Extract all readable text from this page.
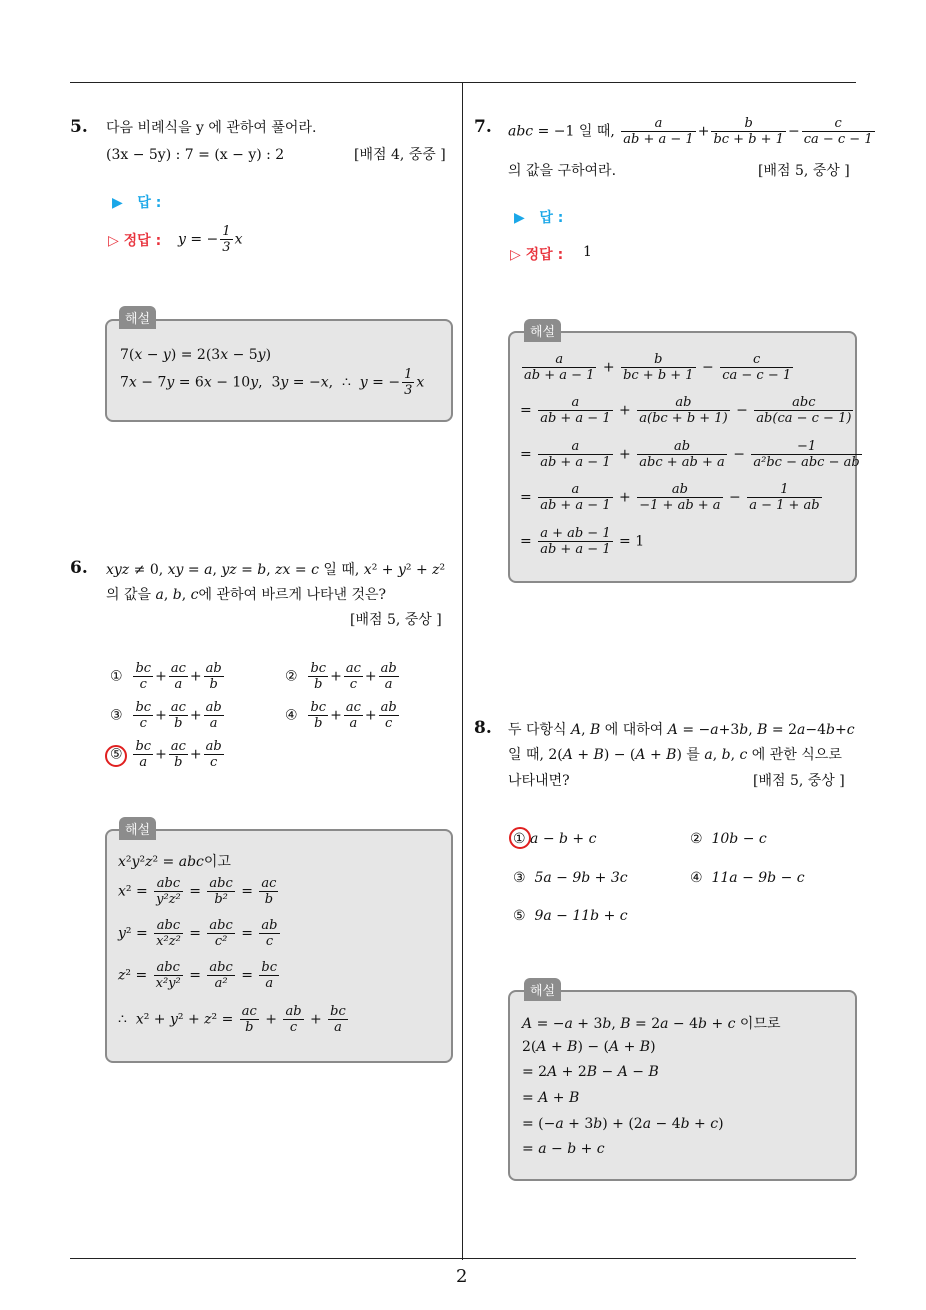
2
5. 다음 비례식을 y 에 관하여 풀어라.
(3x − 5y) : 7 = (x − y) : 2	[배점 4, 중중 ]
▶ 답 :
▷ 정답 : y = − $\frac{1}{3}$ x
해설
7(x − y) = 2(3x − 5y)
7x − 7y = 6x − 10y,  3y = −x,  ∴  y = − $\frac{1}{3}$ x
6. xyz ≠ 0, xy = a, yz = b, zx = c 일 때, x² + y² + z²
의 값을 a, b, c에 관하여 바르게 나타낸 것은?
[배점 5, 중상 ]
① $\frac{bc}{c} + \frac{ac}{a} + \frac{ab}{b}$	② $\frac{bc}{b} + \frac{ac}{c} + \frac{ab}{a}$
③ $\frac{bc}{c} + \frac{ac}{b} + \frac{ab}{a}$	④ $\frac{bc}{b} + \frac{ac}{a} + \frac{ab}{c}$
⑤ $\frac{bc}{a} + \frac{ac}{b} + \frac{ab}{c}$
해설
x²y²z² = abc이고
$x^2 = \frac{\text{abc}}{\text{y²z²}} = \frac{\text{abc}}{\text{b²}} = \frac{ac}{b}$
$y^2 = \frac{\text{abc}}{\text{x²z²}} = \frac{\text{abc}}{\text{c²}} = \frac{ab}{c}$
$z^2 = \frac{\text{abc}}{\text{x²y²}} = \frac{\text{abc}}{\text{a²}} = \frac{bc}{a}$
∴  $x^2 + y^2 + z^2 = \frac{ac}{b} + \frac{ab}{c} + \frac{bc}{a}$
7. abc = −1 일 때, $\frac{a}{ab + a - 1} + \frac{b}{bc + b + 1} - \frac{c}{ca - c - 1}$
의 값을 구하여라.	[배점 5, 중상 ]
▶ 답 :
▷ 정답 : 1
해설
$\frac{a}{ab + a - 1} + \frac{b}{bc + b + 1} - \frac{c}{ca - c - 1}$
= $\frac{a}{ab + a - 1} + \frac{ab}{a(bc + b + 1)} - \frac{\text{abc}}{ab(ca - c - 1)}$
= $\frac{a}{ab + a - 1} + \frac{ab}{\text{abc + ab + a}} - \frac{-1}{\text{a²bc − abc − ab}}$
= $\frac{a}{ab + a - 1} + \frac{ab}{-1 + ab + a} - \frac{1}{a - 1 + ab}$
= $\frac{a + ab - 1}{ab + a - 1} = 1$
8. 두 다항식 A, B 에 대하여 A = −a+3b, B = 2a−4b+c
일 때, 2(A + B) − (A + B) 를 a, b, c 에 관한 식으로
나타내면?	[배점 5, 중상 ]
① a − b + c	② 10b − c
③ 5a − 9b + 3c	④ 11a − 9b − c
⑤ 9a − 11b + c
해설
A = −a + 3b, B = 2a − 4b + c 이므로
2(A + B) − (A + B)
= 2A + 2B − A − B
= A + B
= (−a + 3b) + (2a − 4b + c)
= a − b + c
